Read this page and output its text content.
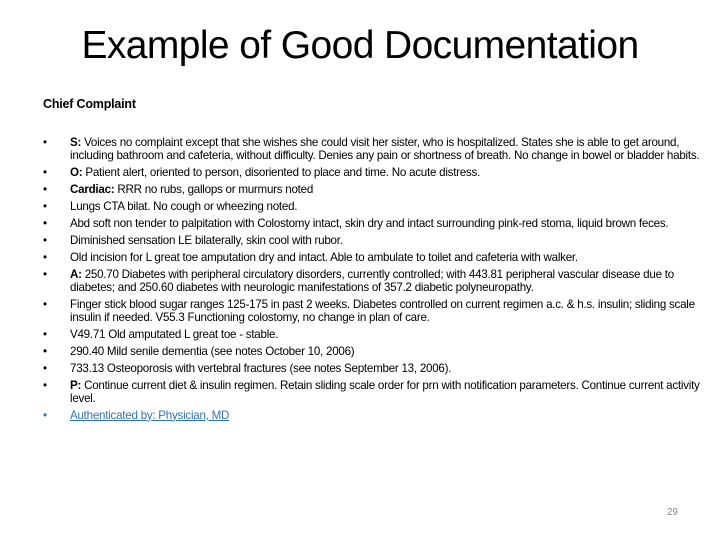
Example of Good Documentation
Chief Complaint
• S: Voices no complaint except that she wishes she could visit her sister, who is hospitalized. States she is able to get around, including bathroom and cafeteria, without difficulty. Denies any pain or shortness of breath. No change in bowel or bladder habits.
• O: Patient alert, oriented to person, disoriented to place and time. No acute distress.
• Cardiac: RRR no rubs, gallops or murmurs noted
• Lungs CTA bilat. No cough or wheezing noted.
• Abd soft non tender to palpitation with Colostomy intact, skin dry and intact surrounding pink-red stoma, liquid brown feces.
• Diminished sensation LE bilaterally, skin cool with rubor.
• Old incision for L great toe amputation dry and intact. Able to ambulate to toilet and cafeteria with walker.
• A: 250.70 Diabetes with peripheral circulatory disorders, currently controlled; with 443.81 peripheral vascular disease due to diabetes; and 250.60 diabetes with neurologic manifestations of 357.2 diabetic polyneuropathy.
• Finger stick blood sugar ranges 125-175 in past 2 weeks. Diabetes controlled on current regimen a.c. & h.s. insulin; sliding scale insulin if needed. V55.3 Functioning colostomy, no change in plan of care.
• V49.71 Old amputated L great toe - stable.
• 290.40 Mild senile dementia (see notes October 10, 2006)
• 733.13 Osteoporosis with vertebral fractures (see notes September 13, 2006).
• P: Continue current diet & insulin regimen. Retain sliding scale order for prn with notification parameters. Continue current activity level.
• Authenticated by: Physician, MD
29
